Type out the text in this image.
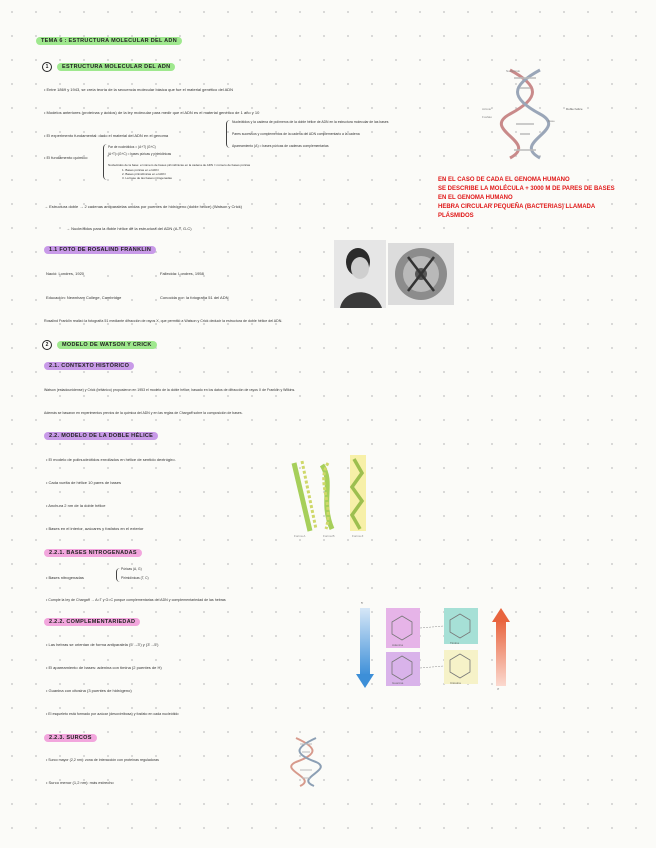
TEMA 6 : ESTRUCTURA MOLECULAR DEL ADN
1 ESTRUCTURA MOLECULAR DEL ADN
• Entre 1869 y 1943, se creía teoría de la secuencia molecular básica que fue el material genético del ADN
• Modelos anteriores (proteínas y ácidos) de la ley molecular para medir que el ADN es el material genético de 1 año y 10
• El experimento fundamental: dado el material del ADN en el genoma
Nucleótidos y la cadena de polímeros de la doble hélice de ADN en la estructura molecular de las bases
Pares sucesivos y complementos de la cadena del ADN complementario a la cadena
Apareamiento (A) = bases púricas de cadenas complementarias
• El fundamento químico
Par de nucleótidos = (A+T) (G+C)
(A+T)=(G+C) = bases púricas y pirimidínicas
Nucleótidos de la base: el número de bases pirimidínicas en la cadena de ADN = número de bases púricas
1. Bases púricas en el ADN
2. Bases pirimidínicas en el ADN
3. La base de las bases nitrogenadas
→ Estructura doble → 2 cadenas antiparalelas unidas por puentes de hidrógeno (doble hélice) (Watson y Crick)
→ Nucleótidos para la doble hélice de la estructura del ADN (A-T, G-C)
Nucleótido
Azúcar
Fosfato
Base
Doble hélice
EN EL CASO DE CADA EL GENOMA HUMANO
SE DESCRIBE LA MOLÉCULA + 3000 M DE PARES DE BASES
EN EL GENOMA HUMANO
HEBRA CIRCULAR PEQUEÑA (BACTERIAS) LLAMADA
PLÁSMIDOS
1.1 FOTO DE ROSALIND FRANKLIN
Nació: Londres, 1920	Fallecida: Londres, 1958
Educación: Newnham College, Cambridge	Conocida por: la fotografía 51 del ADN
Rosalind Franklin realizó la fotografía 51 mediante difracción de rayos X, que permitió a Watson y Crick deducir la estructura de doble hélice del ADN.
2 MODELO DE WATSON Y CRICK
2.1. CONTEXTO HISTÓRICO
Watson (estadounidense) y Crick (británico) propusieron en 1953 el modelo de la doble hélice, basado en los datos de difracción de rayos X de Franklin y Wilkins.
Además se basaron en experimentos previos de la química del ADN y en las reglas de Chargaff sobre la composición de bases.
2.2. MODELO DE LA DOBLE HÉLICE
• El modelo de polinucleótidos enrollados en hélice de sentido dextrógiro.
• Cada vuelta de hélice 10 pares de bases
• Anchura 2 nm de la doble hélice
• Bases en el interior, azúcares y fosfatos en el exterior
Forma A	Forma B	Forma Z
2.2.1. BASES NITROGENADAS
• Bases nitrogenadas
Púricas (A, G)
Pirimidínicas (T, C)
• Cumple la ley de Chargaff → A=T y G=C porque complementarias del ADN y complementariedad de las hebras
2.2.2. COMPLEMENTARIEDAD
• Las hebras se orientan de forma antiparalela (5'→3') y (3'→5')
• El apareamiento de bases: adenina con timina (2 puentes de H)
• Guanina con citosina (3 puentes de hidrógeno)
• El esqueleto está formado por azúcar (desoxirribosa) y fosfato en cada nucleótido
5'
3'
Adenina	Timina
Guanina	Citosina
2.2.3. SURCOS
• Surco mayor (2,2 nm): zona de interacción con proteínas reguladoras
• Surco menor (1,2 nm): más estrecho
